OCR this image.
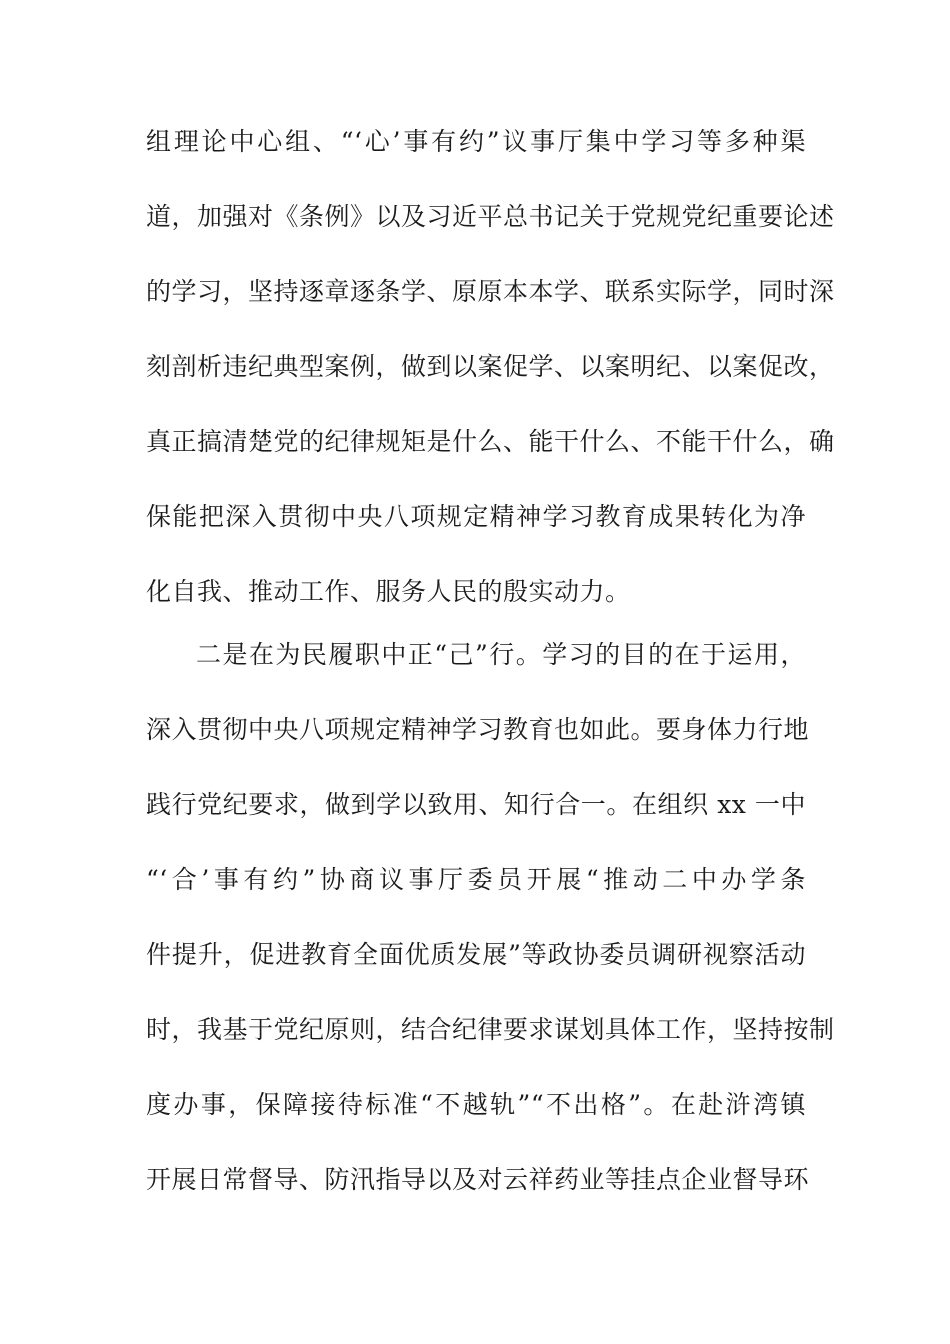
组理论中心组、“‘心’事有约”议事厅集中学习等多种渠
道，加强对《条例》以及习近平总书记关于党规党纪重要论述
的学习，坚持逐章逐条学、原原本本学、联系实际学，同时深
刻剖析违纪典型案例，做到以案促学、以案明纪、以案促改，
真正搞清楚党的纪律规矩是什么、能干什么、不能干什么，确
保能把深入贯彻中央八项规定精神学习教育成果转化为净
化自我、推动工作、服务人民的殷实动力。
二是在为民履职中正“己”行。学习的目的在于运用，
深入贯彻中央八项规定精神学习教育也如此。要身体力行地
践行党纪要求，做到学以致用、知行合一。在组织 xx 一中
“‘合’事有约”协商议事厅委员开展“推动二中办学条
件提升，促进教育全面优质发展”等政协委员调研视察活动
时，我基于党纪原则，结合纪律要求谋划具体工作，坚持按制
度办事，保障接待标准“不越轨”“不出格”。在赴浒湾镇
开展日常督导、防汛指导以及对云祥药业等挂点企业督导环
